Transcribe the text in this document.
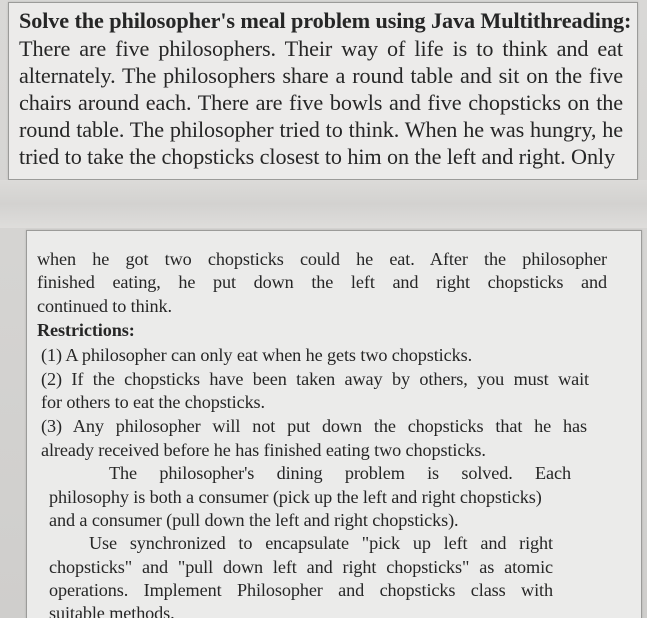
Solve the philosopher's meal problem using Java Multithreading:
There are five philosophers. Their way of life is to think and eat
alternately. The philosophers share a round table and sit on the five
chairs around each. There are five bowls and five chopsticks on the
round table. The philosopher tried to think. When he was hungry, he
tried to take the chopsticks closest to him on the left and right. Only
when he got two chopsticks could he eat. After the philosopher
finished eating, he put down the left and right chopsticks and
continued to think.
Restrictions:
(1) A philosopher can only eat when he gets two chopsticks.
(2) If the chopsticks have been taken away by others, you must wait
for others to eat the chopsticks.
(3) Any philosopher will not put down the chopsticks that he has
already received before he has finished eating two chopsticks.
The philosopher's dining problem is solved. Each
philosophy is both a consumer (pick up the left and right chopsticks)
and a consumer (pull down the left and right chopsticks).
Use synchronized to encapsulate "pick up left and right
chopsticks" and "pull down left and right chopsticks" as atomic
operations. Implement Philosopher and chopsticks class with
suitable methods.
